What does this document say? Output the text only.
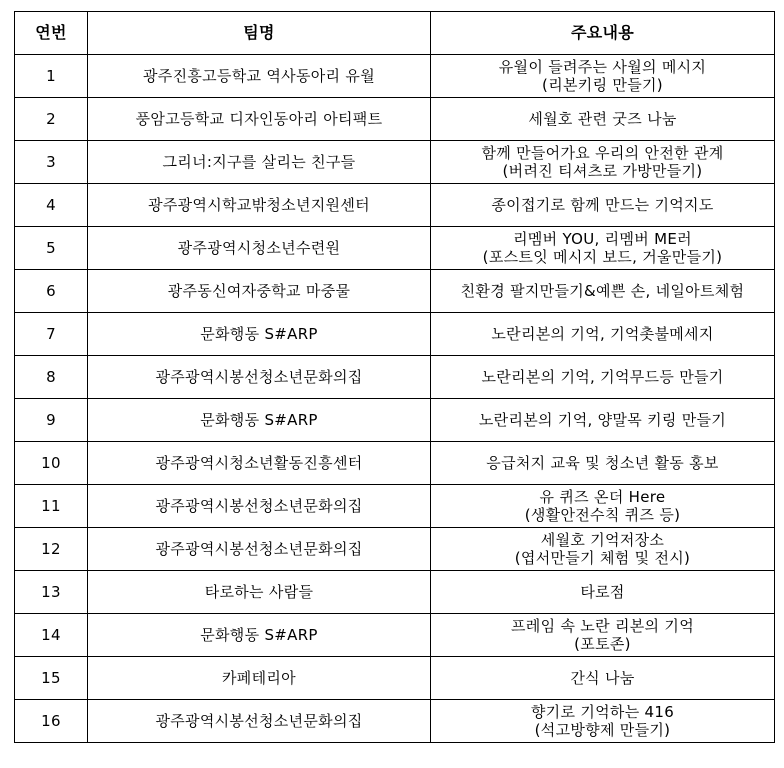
연번	팀명	주요내용
1	광주진흥고등학교 역사동아리 유월	유월이 들려주는 사월의 메시지
(리본키링 만들기)

2	풍암고등학교 디자인동아리 아티팩트	세월호 관련 굿즈 나눔

3	그리너:지구를 살리는 친구들	함께 만들어가요 우리의 안전한 관계
(버려진 티셔츠로 가방만들기)

4	광주광역시학교밖청소년지원센터	종이접기로 함께 만드는 기억지도

5	광주광역시청소년수련원	리멤버 YOU, 리멤버 ME러
(포스트잇 메시지 보드, 거울만들기)

6	광주동신여자중학교 마중물	친환경 팔지만들기&예쁜 손, 네일아트체험

7	문화행동 S#ARP	노란리본의 기억, 기억촛불메세지

8	광주광역시봉선청소년문화의집	노란리본의 기억, 기억무드등 만들기

9	문화행동 S#ARP	노란리본의 기억, 양말목 키링 만들기

10	광주광역시청소년활동진흥센터	응급처지 교육 및 청소년 활동 홍보

11	광주광역시봉선청소년문화의집	유 퀴즈 온더 Here
(생활안전수칙 퀴즈 등)

12	광주광역시봉선청소년문화의집	세월호 기억저장소
(엽서만들기 체험 및 전시)

13	타로하는 사람들	타로점

14	문화행동 S#ARP	프레임 속 노란 리본의 기억
(포토존)

15	카페테리아	간식 나눔

16	광주광역시봉선청소년문화의집	향기로 기억하는 416
(석고방향제 만들기)
